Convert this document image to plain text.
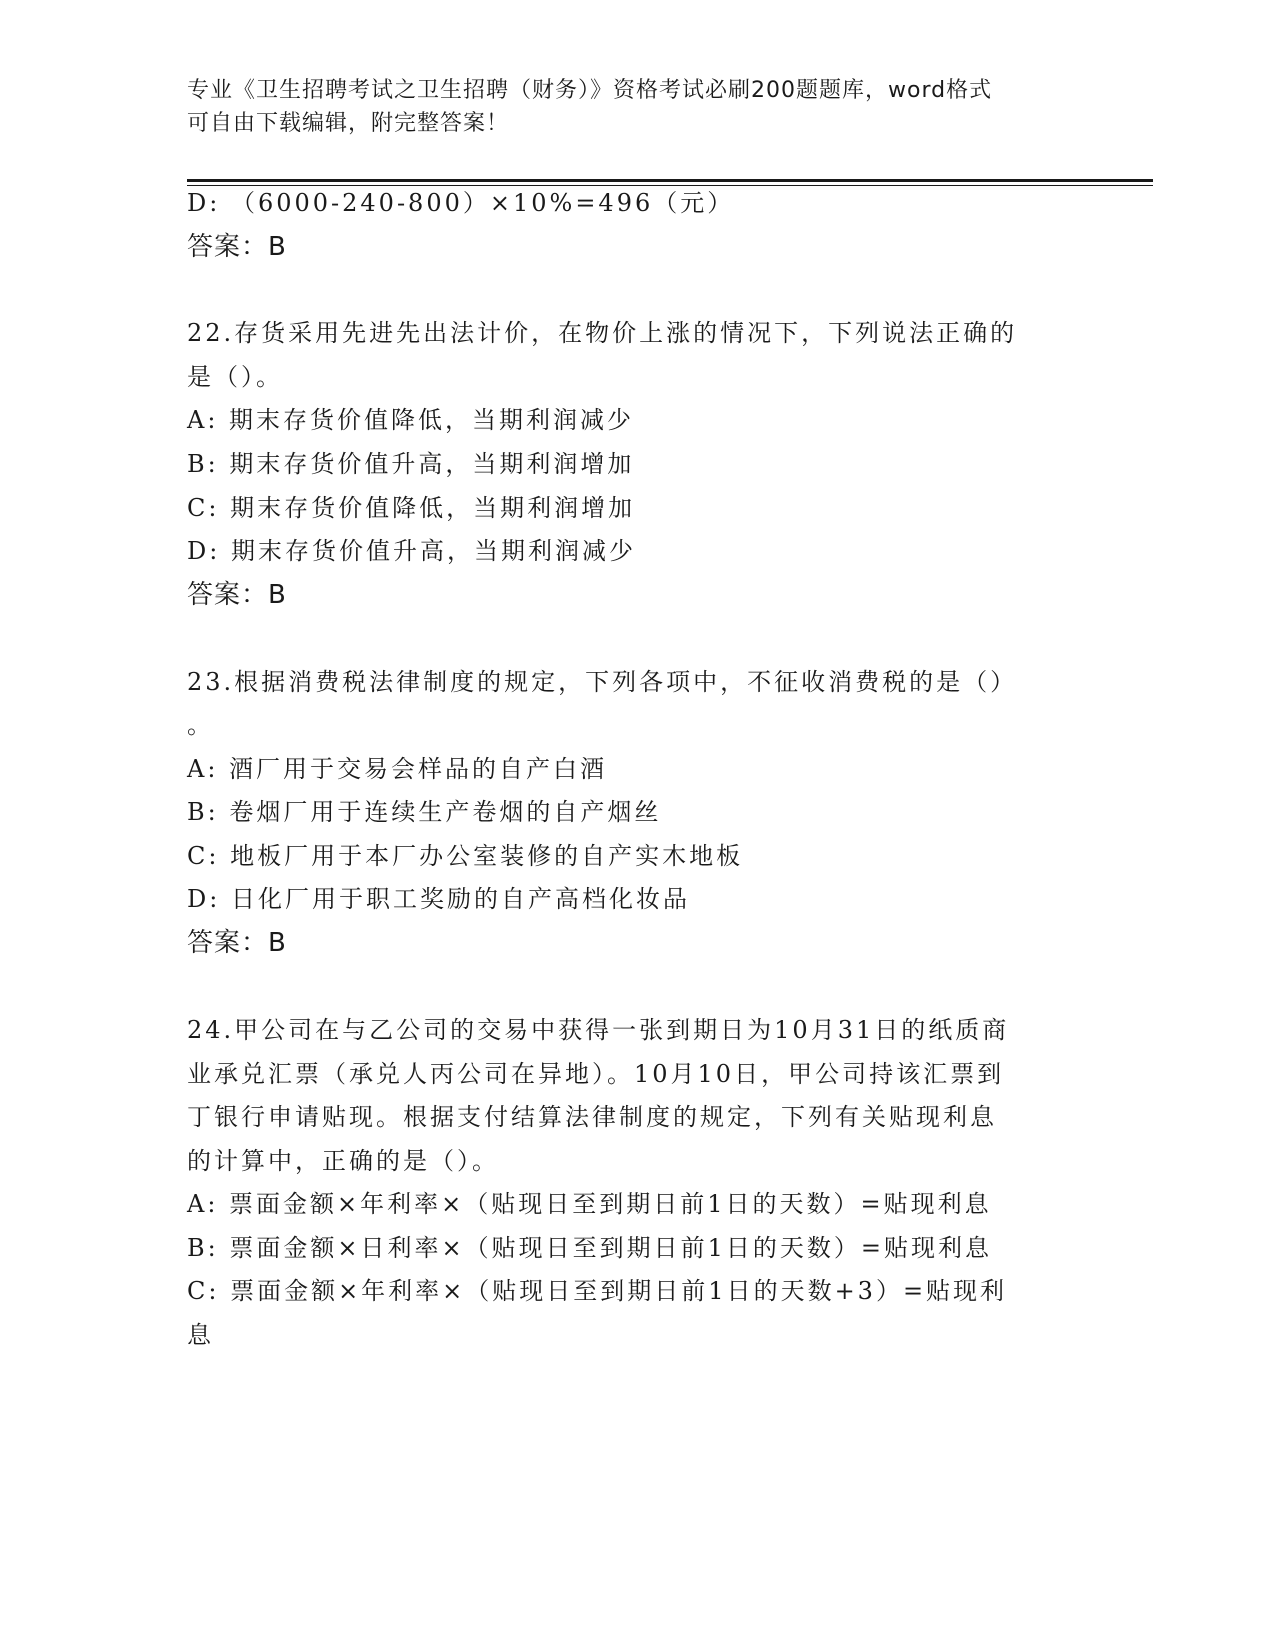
专业《卫生招聘考试之卫生招聘（财务）》资格考试必刷200题题库，word格式
可自由下载编辑，附完整答案！
D: （6000-240-800）×10%=496（元）
答案：B
22.存货采用先进先出法计价，在物价上涨的情况下，下列说法正确的
是（）。
A: 期末存货价值降低，当期利润减少
B: 期末存货价值升高，当期利润增加
C: 期末存货价值降低，当期利润增加
D: 期末存货价值升高，当期利润减少
答案：B
23.根据消费税法律制度的规定，下列各项中，不征收消费税的是（）
。
A: 酒厂用于交易会样品的自产白酒
B: 卷烟厂用于连续生产卷烟的自产烟丝
C: 地板厂用于本厂办公室装修的自产实木地板
D: 日化厂用于职工奖励的自产高档化妆品
答案：B
24.甲公司在与乙公司的交易中获得一张到期日为10月31日的纸质商
业承兑汇票（承兑人丙公司在异地）。10月10日，甲公司持该汇票到
丁银行申请贴现。根据支付结算法律制度的规定，下列有关贴现利息
的计算中，正确的是（）。
A: 票面金额×年利率×（贴现日至到期日前1日的天数）=贴现利息
B: 票面金额×日利率×（贴现日至到期日前1日的天数）=贴现利息
C: 票面金额×年利率×（贴现日至到期日前1日的天数+3）=贴现利
息
